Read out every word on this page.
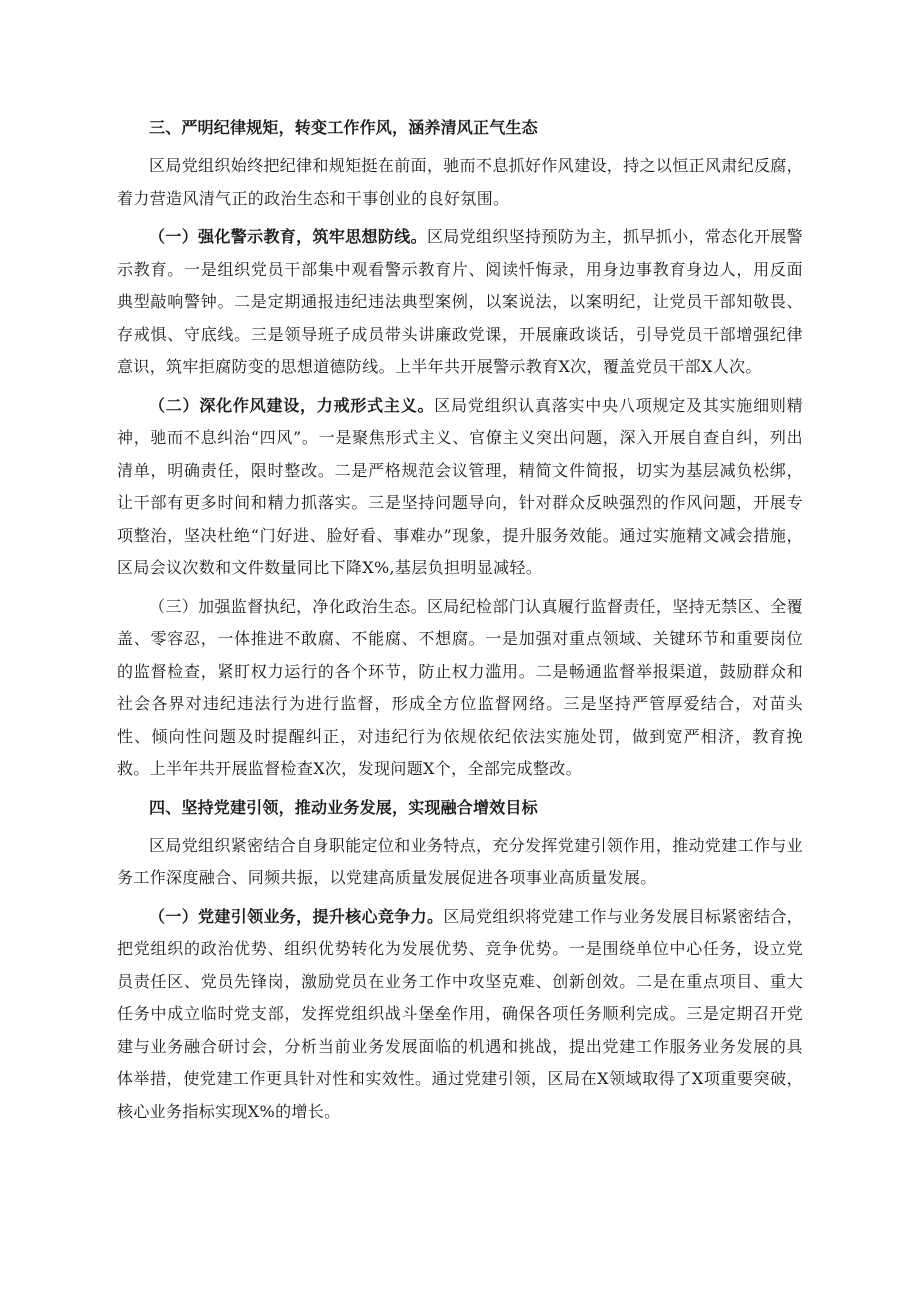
三、严明纪律规矩，转变工作作风，涵养清风正气生态

区局党组织始终把纪律和规矩挺在前面，驰而不息抓好作风建设，持之以恒正风肃纪反腐，着力营造风清气正的政治生态和干事创业的良好氛围。

（一）强化警示教育，筑牢思想防线。区局党组织坚持预防为主，抓早抓小，常态化开展警示教育。一是组织党员干部集中观看警示教育片、阅读忏悔录，用身边事教育身边人，用反面典型敲响警钟。二是定期通报违纪违法典型案例，以案说法，以案明纪，让党员干部知敬畏、存戒惧、守底线。三是领导班子成员带头讲廉政党课，开展廉政谈话，引导党员干部增强纪律意识，筑牢拒腐防变的思想道德防线。上半年共开展警示教育X次，覆盖党员干部X人次。

（二）深化作风建设，力戒形式主义。区局党组织认真落实中央八项规定及其实施细则精神，驰而不息纠治“四风”。一是聚焦形式主义、官僚主义突出问题，深入开展自查自纠，列出清单，明确责任，限时整改。二是严格规范会议管理，精简文件简报，切实为基层减负松绑，让干部有更多时间和精力抓落实。三是坚持问题导向，针对群众反映强烈的作风问题，开展专项整治，坚决杜绝“门好进、脸好看、事难办”现象，提升服务效能。通过实施精文减会措施，区局会议次数和文件数量同比下降X%,基层负担明显减轻。

（三）加强监督执纪，净化政治生态。区局纪检部门认真履行监督责任，坚持无禁区、全覆盖、零容忍，一体推进不敢腐、不能腐、不想腐。一是加强对重点领域、关键环节和重要岗位的监督检查，紧盯权力运行的各个环节，防止权力滥用。二是畅通监督举报渠道，鼓励群众和社会各界对违纪违法行为进行监督，形成全方位监督网络。三是坚持严管厚爱结合，对苗头性、倾向性问题及时提醒纠正，对违纪行为依规依纪依法实施处罚，做到宽严相济，教育挽救。上半年共开展监督检查X次，发现问题X个，全部完成整改。

四、坚持党建引领，推动业务发展，实现融合增效目标

区局党组织紧密结合自身职能定位和业务特点，充分发挥党建引领作用，推动党建工作与业务工作深度融合、同频共振，以党建高质量发展促进各项事业高质量发展。

（一）党建引领业务，提升核心竞争力。区局党组织将党建工作与业务发展目标紧密结合，把党组织的政治优势、组织优势转化为发展优势、竞争优势。一是围绕单位中心任务，设立党员责任区、党员先锋岗，激励党员在业务工作中攻坚克难、创新创效。二是在重点项目、重大任务中成立临时党支部，发挥党组织战斗堡垒作用，确保各项任务顺利完成。三是定期召开党建与业务融合研讨会，分析当前业务发展面临的机遇和挑战，提出党建工作服务业务发展的具体举措，使党建工作更具针对性和实效性。通过党建引领，区局在X领域取得了X项重要突破，核心业务指标实现X%的增长。
